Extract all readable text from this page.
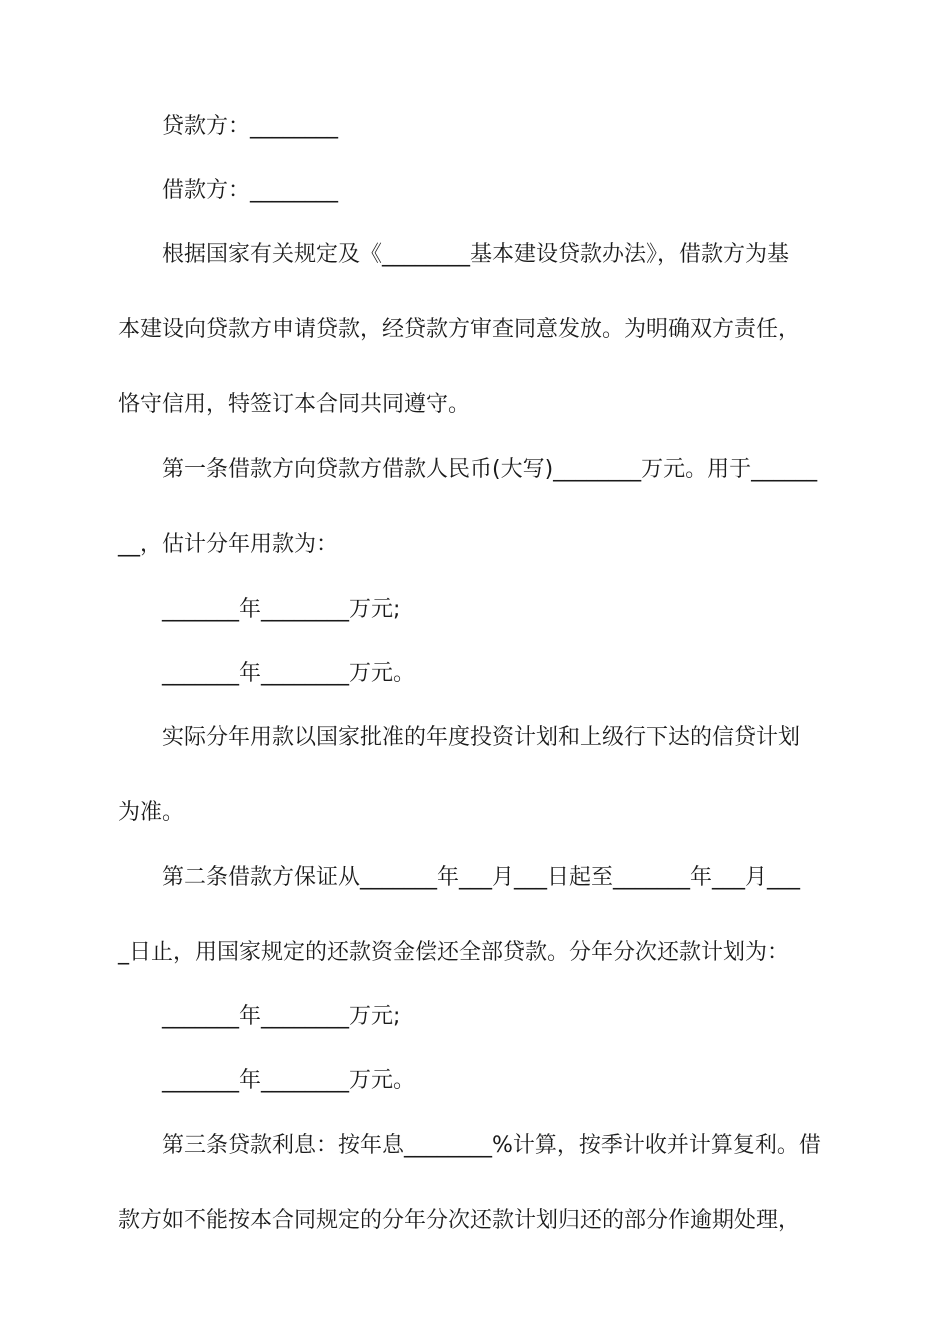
贷款方：________
借款方：________
根据国家有关规定及《________基本建设贷款办法》，借款方为基
本建设向贷款方申请贷款，经贷款方审查同意发放。为明确双方责任，
恪守信用，特签订本合同共同遵守。
第一条借款方向贷款方借款人民币(大写)________万元。用于______
__，估计分年用款为：
_______年________万元;
_______年________万元。
实际分年用款以国家批准的年度投资计划和上级行下达的信贷计划
为准。
第二条借款方保证从_______年___月___日起至_______年___月___
_日止，用国家规定的还款资金偿还全部贷款。分年分次还款计划为：
_______年________万元;
_______年________万元。
第三条贷款利息：按年息________%计算，按季计收并计算复利。借
款方如不能按本合同规定的分年分次还款计划归还的部分作逾期处理，
